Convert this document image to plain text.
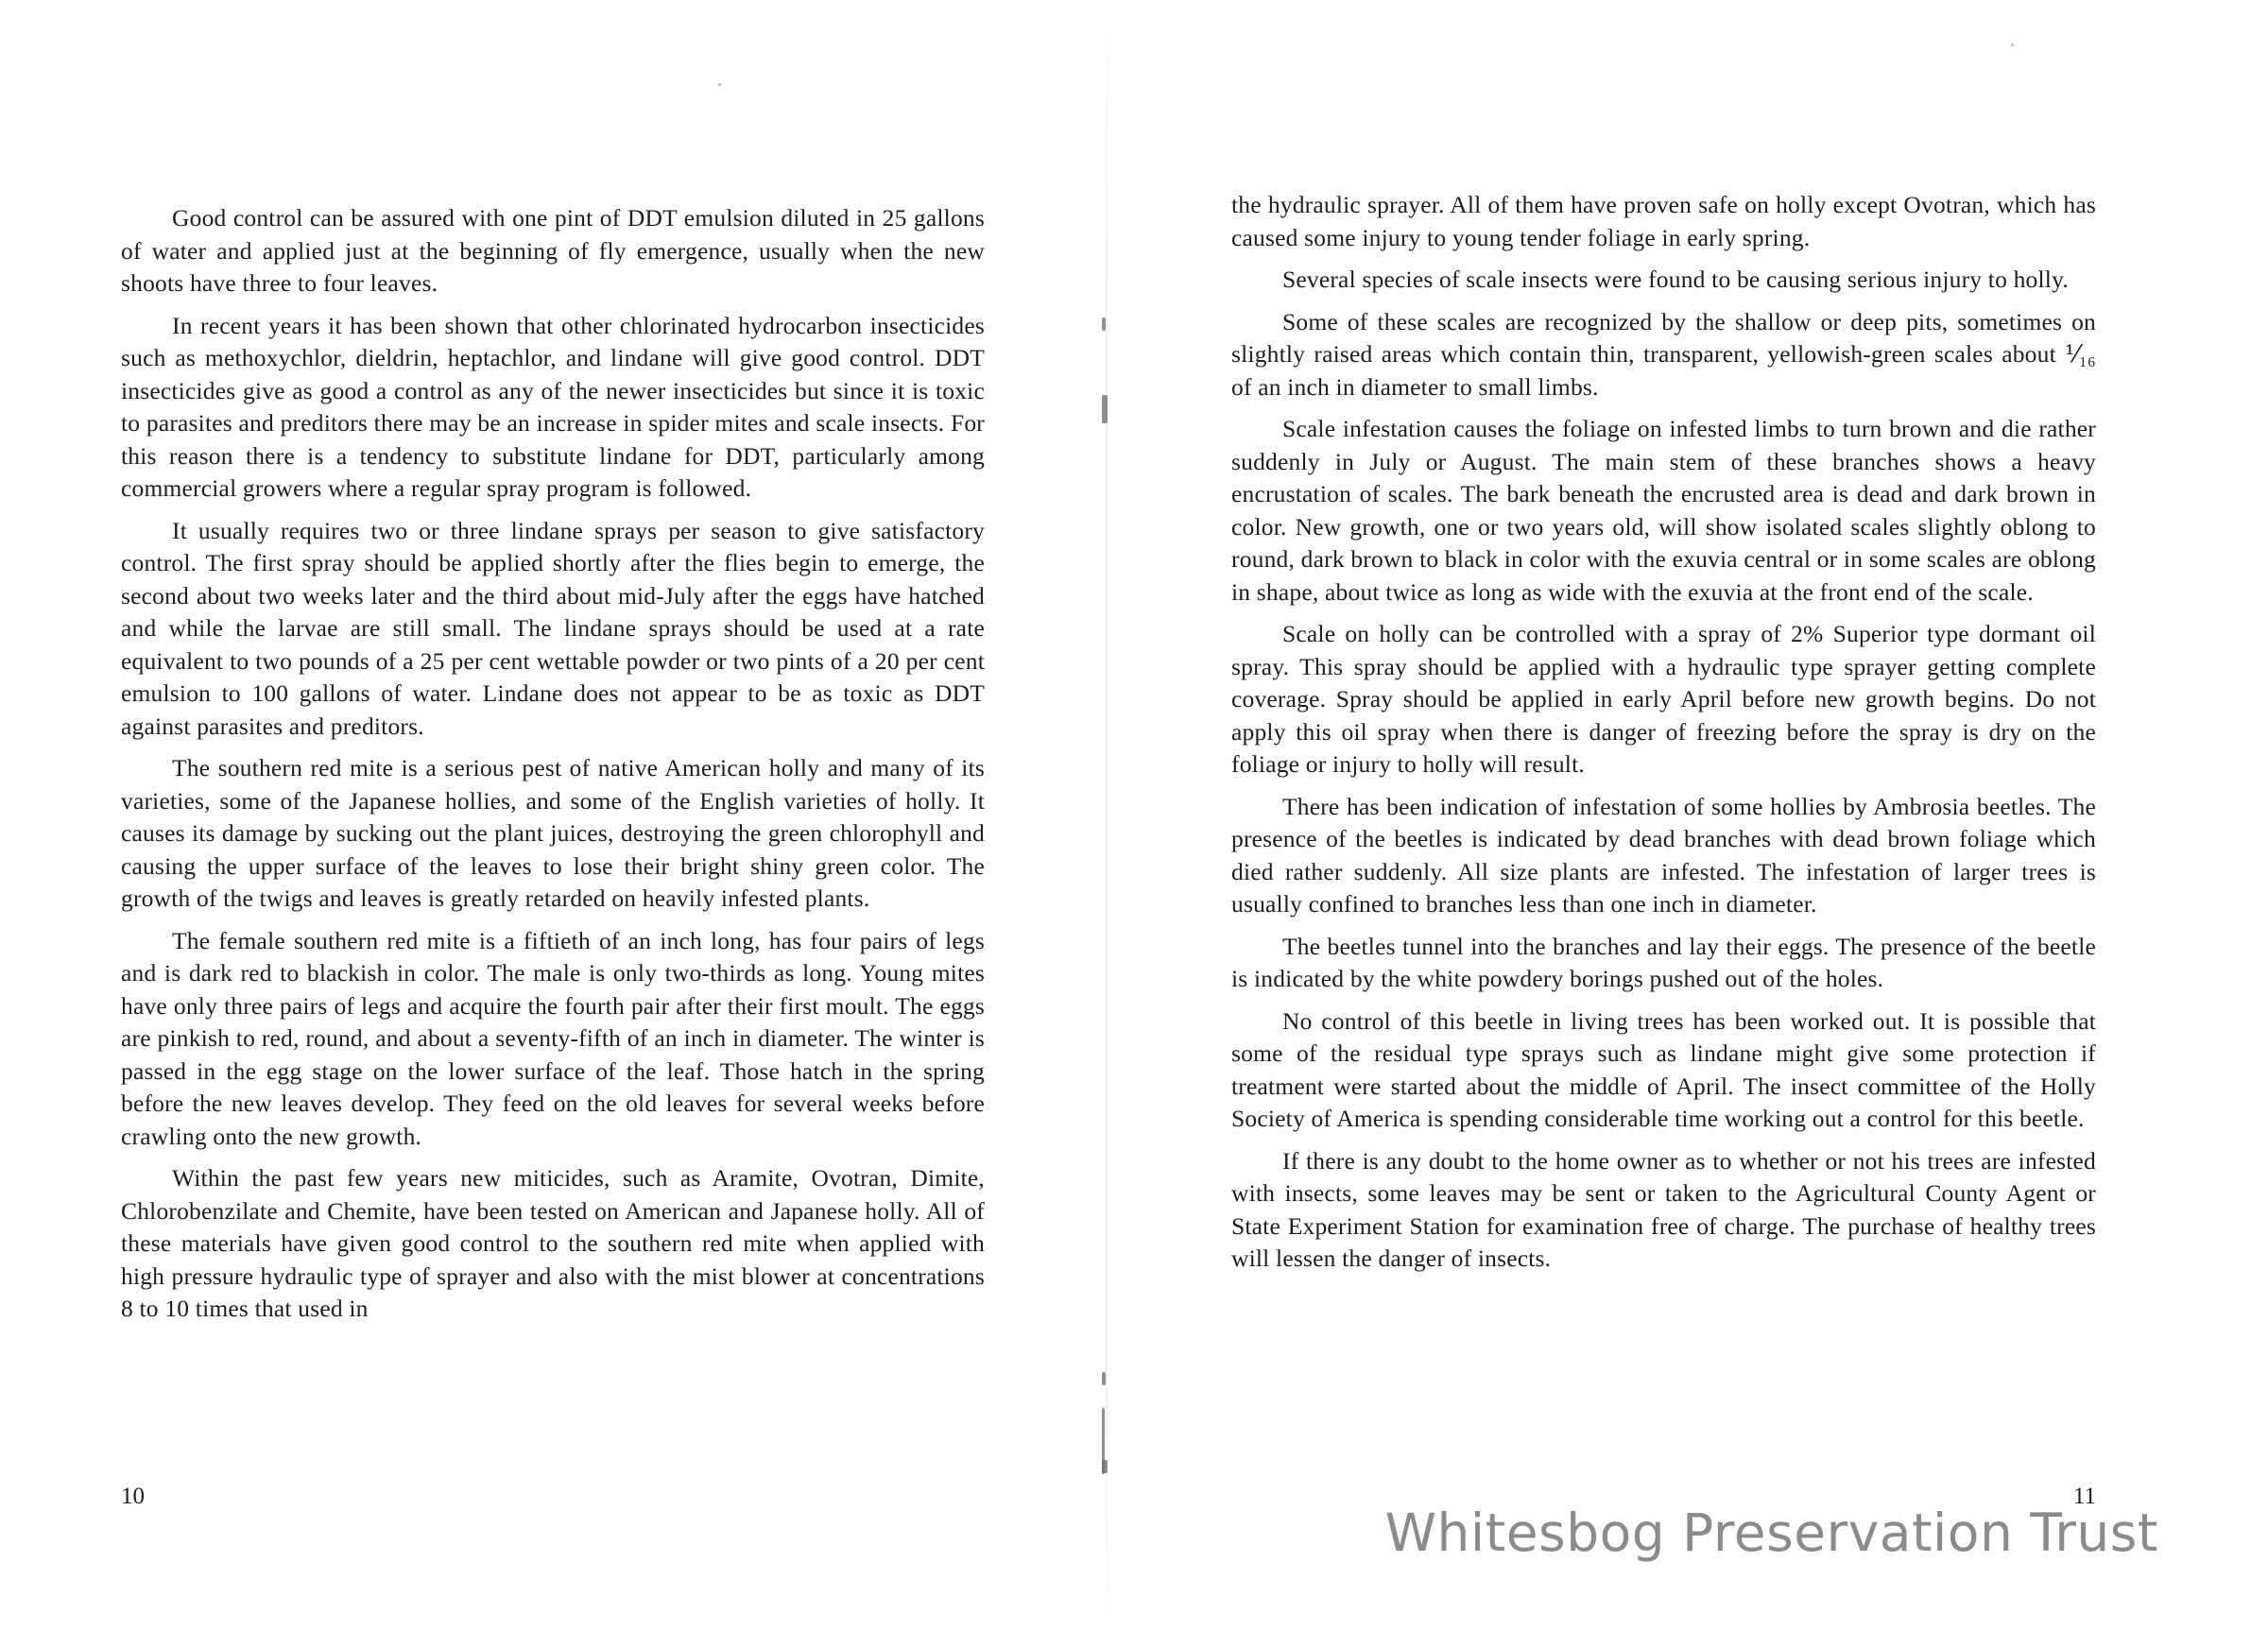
Good control can be assured with one pint of DDT emulsion diluted in 25 gallons of water and applied just at the beginning of fly emergence, usually when the new shoots have three to four leaves.

In recent years it has been shown that other chlorinated hydrocarbon insecticides such as methoxychlor, dieldrin, heptachlor, and lindane will give good control. DDT insecticides give as good a control as any of the newer insecticides but since it is toxic to parasites and preditors there may be an increase in spider mites and scale insects. For this reason there is a tendency to substitute lindane for DDT, particularly among commercial growers where a regular spray program is followed.

It usually requires two or three lindane sprays per season to give satisfactory control. The first spray should be applied shortly after the flies begin to emerge, the second about two weeks later and the third about mid-July after the eggs have hatched and while the larvae are still small. The lindane sprays should be used at a rate equivalent to two pounds of a 25 per cent wettable powder or two pints of a 20 per cent emulsion to 100 gallons of water. Lindane does not appear to be as toxic as DDT against parasites and preditors.

The southern red mite is a serious pest of native American holly and many of its varieties, some of the Japanese hollies, and some of the English varieties of holly. It causes its damage by sucking out the plant juices, destroying the green chlorophyll and causing the upper surface of the leaves to lose their bright shiny green color. The growth of the twigs and leaves is greatly retarded on heavily infested plants.

The female southern red mite is a fiftieth of an inch long, has four pairs of legs and is dark red to blackish in color. The male is only two-thirds as long. Young mites have only three pairs of legs and acquire the fourth pair after their first moult. The eggs are pinkish to red, round, and about a seventy-fifth of an inch in diameter. The winter is passed in the egg stage on the lower surface of the leaf. Those hatch in the spring before the new leaves develop. They feed on the old leaves for several weeks before crawling onto the new growth.

Within the past few years new miticides, such as Aramite, Ovotran, Dimite, Chlorobenzilate and Chemite, have been tested on American and Japanese holly. All of these materials have given good control to the southern red mite when applied with high pressure hydraulic type of sprayer and also with the mist blower at concentrations 8 to 10 times that used in

10

the hydraulic sprayer. All of them have proven safe on holly except Ovotran, which has caused some injury to young tender foliage in early spring.

Several species of scale insects were found to be causing serious injury to holly.

Some of these scales are recognized by the shallow or deep pits, sometimes on slightly raised areas which contain thin, transparent, yellowish-green scales about ⅟₁₆ of an inch in diameter to small limbs.

Scale infestation causes the foliage on infested limbs to turn brown and die rather suddenly in July or August. The main stem of these branches shows a heavy encrustation of scales. The bark beneath the encrusted area is dead and dark brown in color. New growth, one or two years old, will show isolated scales slightly oblong to round, dark brown to black in color with the exuvia central or in some scales are oblong in shape, about twice as long as wide with the exuvia at the front end of the scale.

Scale on holly can be controlled with a spray of 2% Superior type dormant oil spray. This spray should be applied with a hydraulic type sprayer getting complete coverage. Spray should be applied in early April before new growth begins. Do not apply this oil spray when there is danger of freezing before the spray is dry on the foliage or injury to holly will result.

There has been indication of infestation of some hollies by Ambrosia beetles. The presence of the beetles is indicated by dead branches with dead brown foliage which died rather suddenly. All size plants are infested. The infestation of larger trees is usually confined to branches less than one inch in diameter.

The beetles tunnel into the branches and lay their eggs. The presence of the beetle is indicated by the white powdery borings pushed out of the holes.

No control of this beetle in living trees has been worked out. It is possible that some of the residual type sprays such as lindane might give some protection if treatment were started about the middle of April. The insect committee of the Holly Society of America is spending considerable time working out a control for this beetle.

If there is any doubt to the home owner as to whether or not his trees are infested with insects, some leaves may be sent or taken to the Agricultural County Agent or State Experiment Station for examination free of charge. The purchase of healthy trees will lessen the danger of insects.

11
Whitesbog Preservation Trust
